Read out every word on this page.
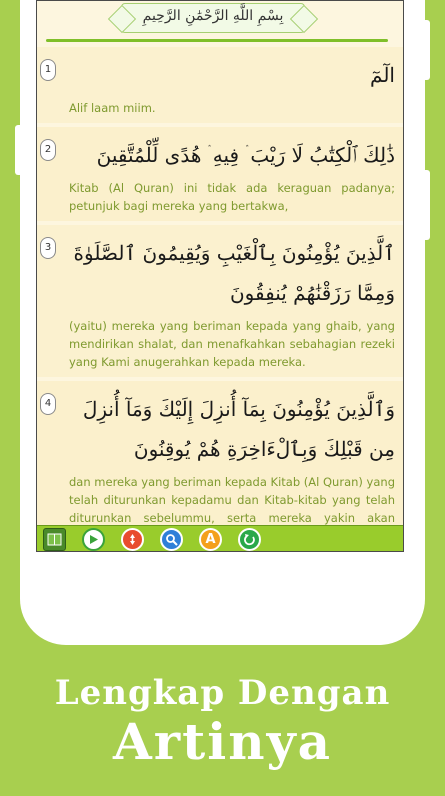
بِسْمِ اللَّهِ الرَّحْمَٰنِ الرَّحِيمِ
1	الٓمٓ
Alif laam miim.
2	ذَٰلِكَ ٱلْكِتَٰبُ لَا رَيْبَ ۛ فِيهِ ۛ هُدًى لِّلْمُتَّقِينَ
Kitab (Al Quran) ini tidak ada keraguan padanya; petunjuk bagi mereka yang bertakwa,
3 ٱلَّذِينَ يُؤْمِنُونَ بِٱلْغَيْبِ وَيُقِيمُونَ ٱلصَّلَوٰةَ وَمِمَّا رَزَقْنَٰهُمْ يُنفِقُونَ
(yaitu) mereka yang beriman kepada yang ghaib, yang mendirikan shalat, dan menafkahkan sebahagian rezeki yang Kami anugerahkan kepada mereka.
4	وَٱلَّذِينَ يُؤْمِنُونَ بِمَآ أُنزِلَ إِلَيْكَ وَمَآ أُنزِلَ مِن قَبْلِكَ وَبِٱلْءَاخِرَةِ هُمْ يُوقِنُونَ
dan mereka yang beriman kepada Kitab (Al Quran) yang telah diturunkan kepadamu dan Kitab-kitab yang telah diturunkan sebelummu, serta mereka yakin akan
A
Lengkap Dengan
Artinya
